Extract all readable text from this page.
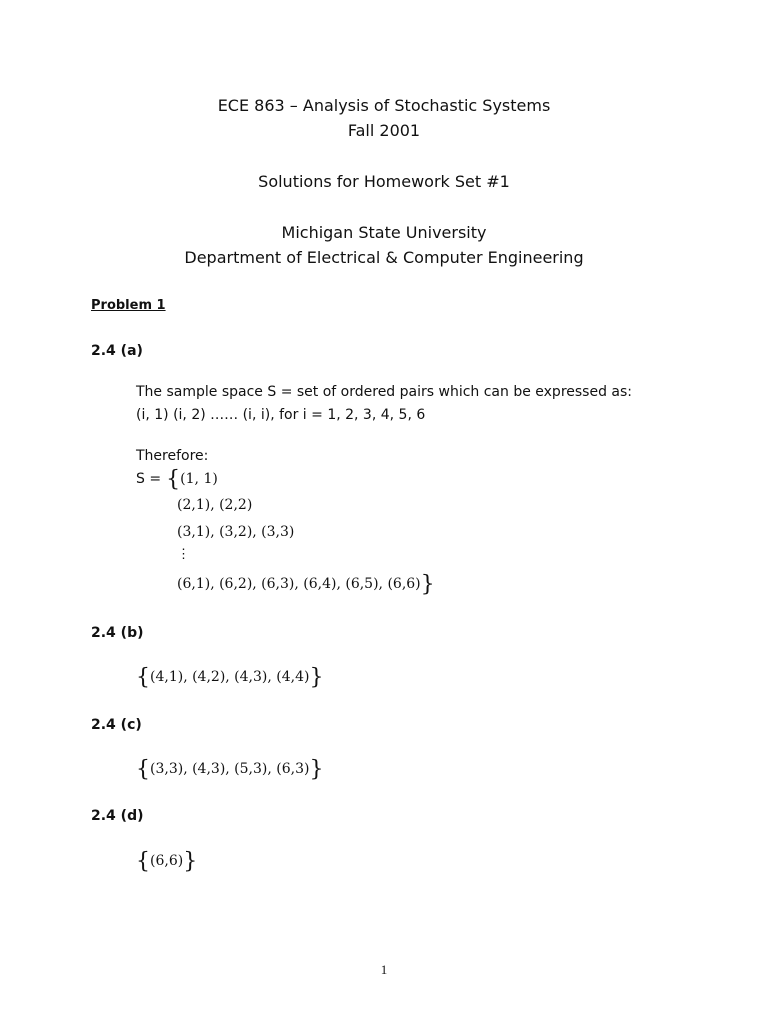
ECE 863 – Analysis of Stochastic Systems
Fall 2001
Solutions for Homework Set #1
Michigan State University
Department of Electrical & Computer Engineering
Problem 1
2.4 (a)
The sample space S = set of ordered pairs which can be expressed as:
(i, 1) (i, 2) …… (i, i), for i = 1, 2, 3, 4, 5, 6
Therefore:
S = {(1, 1)
(2,1), (2,2)
(3,1), (3,2), (3,3)
⋮
(6,1), (6,2), (6,3), (6,4), (6,5), (6,6)}
2.4 (b)
{(4,1), (4,2), (4,3), (4,4)}
2.4 (c)
{(3,3), (4,3), (5,3), (6,3)}
2.4 (d)
{(6,6)}
1
